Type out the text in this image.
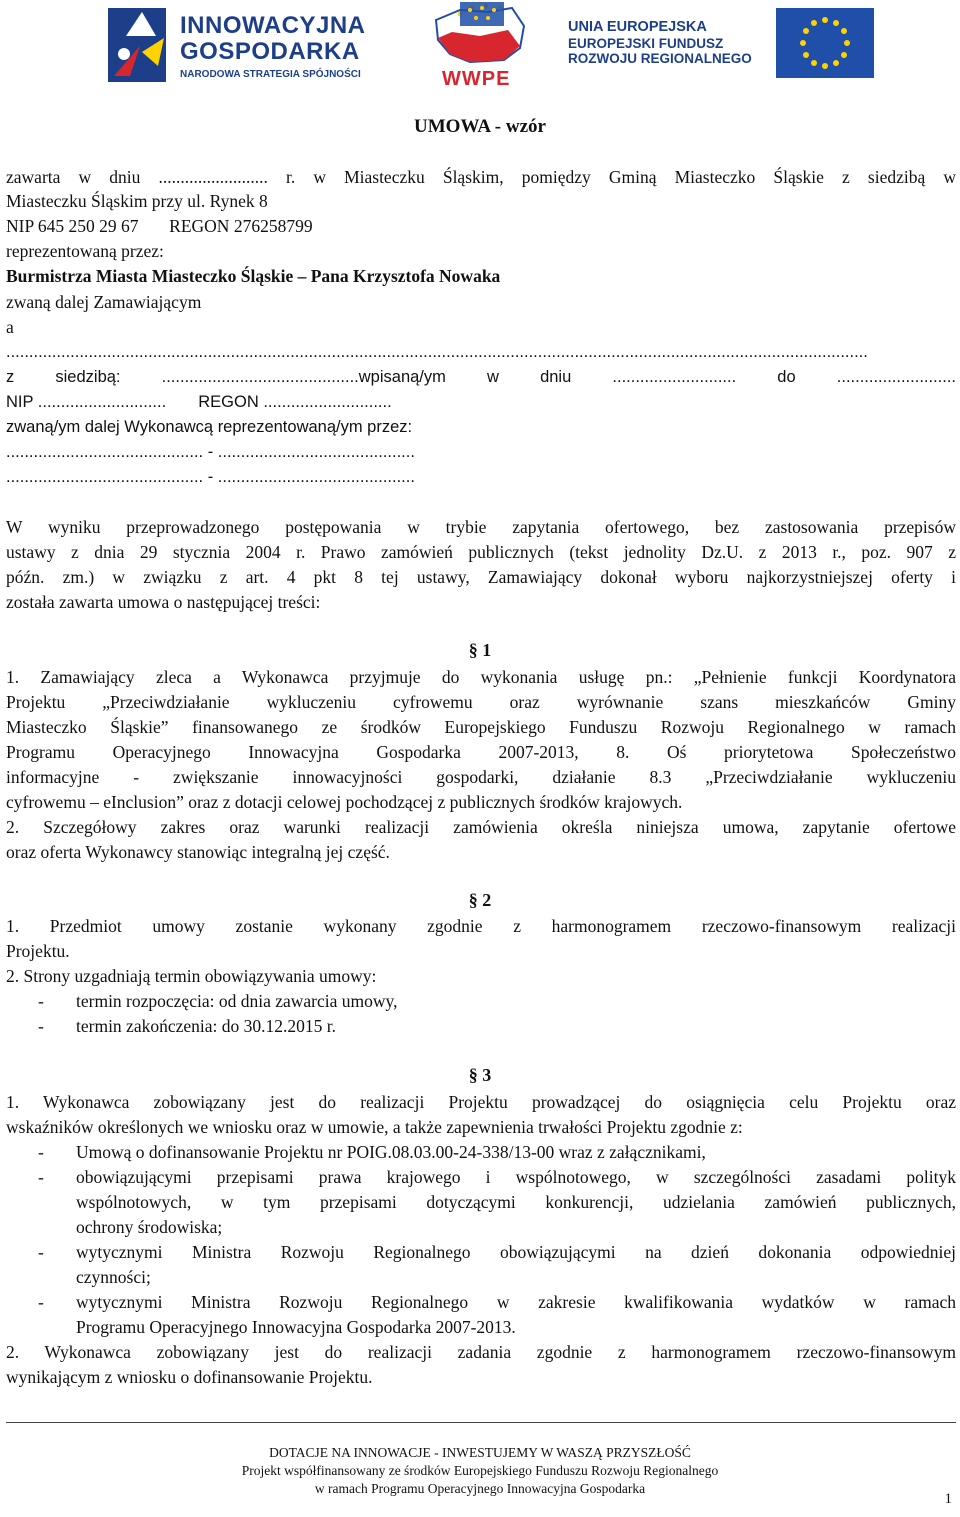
INNOWACYJNA
GOSPODARKA
NARODOWA STRATEGIA SPÓJNOŚCI	WWPE
UNIA EUROPEJSKA
EUROPEJSKI FUNDUSZ
ROZWOJU REGIONALNEGO
UMOWA - wzór
zawarta w dniu ......................... r. w Miasteczku Śląskim, pomiędzy Gminą Miasteczko Śląskie z siedzibą w
Miasteczku Śląskim przy ul. Rynek 8
NIP 645 250 29 67       REGON 276258799
reprezentowaną przez:
Burmistrza Miasta Miasteczko Śląskie – Pana Krzysztofa Nowaka
zwaną dalej Zamawiającym
a
............................................................................................................................................................................................
z siedzibą: ...........................................wpisaną/ym w dniu ........................... do ..........................
NIP ............................       REGON ............................
zwaną/ym dalej Wykonawcą reprezentowaną/ym przez:
........................................... - ...........................................
........................................... - ...........................................
W wyniku przeprowadzonego postępowania w trybie zapytania ofertowego, bez zastosowania przepisów
ustawy z dnia 29 stycznia 2004 r. Prawo zamówień publicznych (tekst jednolity Dz.U. z 2013 r., poz. 907 z
późn. zm.) w związku z art. 4 pkt 8 tej ustawy, Zamawiający dokonał wyboru najkorzystniejszej oferty i
została zawarta umowa o następującej treści:
§ 1
1. Zamawiający zleca a Wykonawca przyjmuje do wykonania usługę pn.: „Pełnienie funkcji Koordynatora
Projektu „Przeciwdziałanie wykluczeniu cyfrowemu oraz wyrównanie szans mieszkańców Gminy
Miasteczko Śląskie” finansowanego ze środków Europejskiego Funduszu Rozwoju Regionalnego w ramach
Programu Operacyjnego Innowacyjna Gospodarka 2007-2013, 8. Oś priorytetowa Społeczeństwo
informacyjne - zwiększanie innowacyjności gospodarki, działanie 8.3 „Przeciwdziałanie wykluczeniu
cyfrowemu – eInclusion” oraz z dotacji celowej pochodzącej z publicznych środków krajowych.
2. Szczegółowy zakres oraz warunki realizacji zamówienia określa niniejsza umowa, zapytanie ofertowe
oraz oferta Wykonawcy stanowiąc integralną jej część.
§ 2
1. Przedmiot umowy zostanie wykonany zgodnie z harmonogramem rzeczowo-finansowym realizacji
Projektu.
2. Strony uzgadniają termin obowiązywania umowy:
- termin rozpoczęcia: od dnia zawarcia umowy,
- termin zakończenia: do 30.12.2015 r.
§ 3
1. Wykonawca zobowiązany jest do realizacji Projektu prowadzącej do osiągnięcia celu Projektu oraz
wskaźników określonych we wniosku oraz w umowie, a także zapewnienia trwałości Projektu zgodnie z:
- Umową o dofinansowanie Projektu nr POIG.08.03.00-24-338/13-00 wraz z załącznikami,
- obowiązującymi przepisami prawa krajowego i wspólnotowego, w szczególności zasadami polityk
wspólnotowych, w tym przepisami dotyczącymi konkurencji, udzielania zamówień publicznych,
ochrony środowiska;
- wytycznymi Ministra Rozwoju Regionalnego obowiązującymi na dzień dokonania odpowiedniej
czynności;
- wytycznymi Ministra Rozwoju Regionalnego w zakresie kwalifikowania wydatków w ramach
Programu Operacyjnego Innowacyjna Gospodarka 2007-2013.
2. Wykonawca zobowiązany jest do realizacji zadania zgodnie z harmonogramem rzeczowo-finansowym
wynikającym z wniosku o dofinansowanie Projektu.
DOTACJE NA INNOWACJE - INWESTUJEMY W WASZĄ PRZYSZŁOŚĆ
Projekt współfinansowany ze środków Europejskiego Funduszu Rozwoju Regionalnego
w ramach Programu Operacyjnego Innowacyjna Gospodarka
1
